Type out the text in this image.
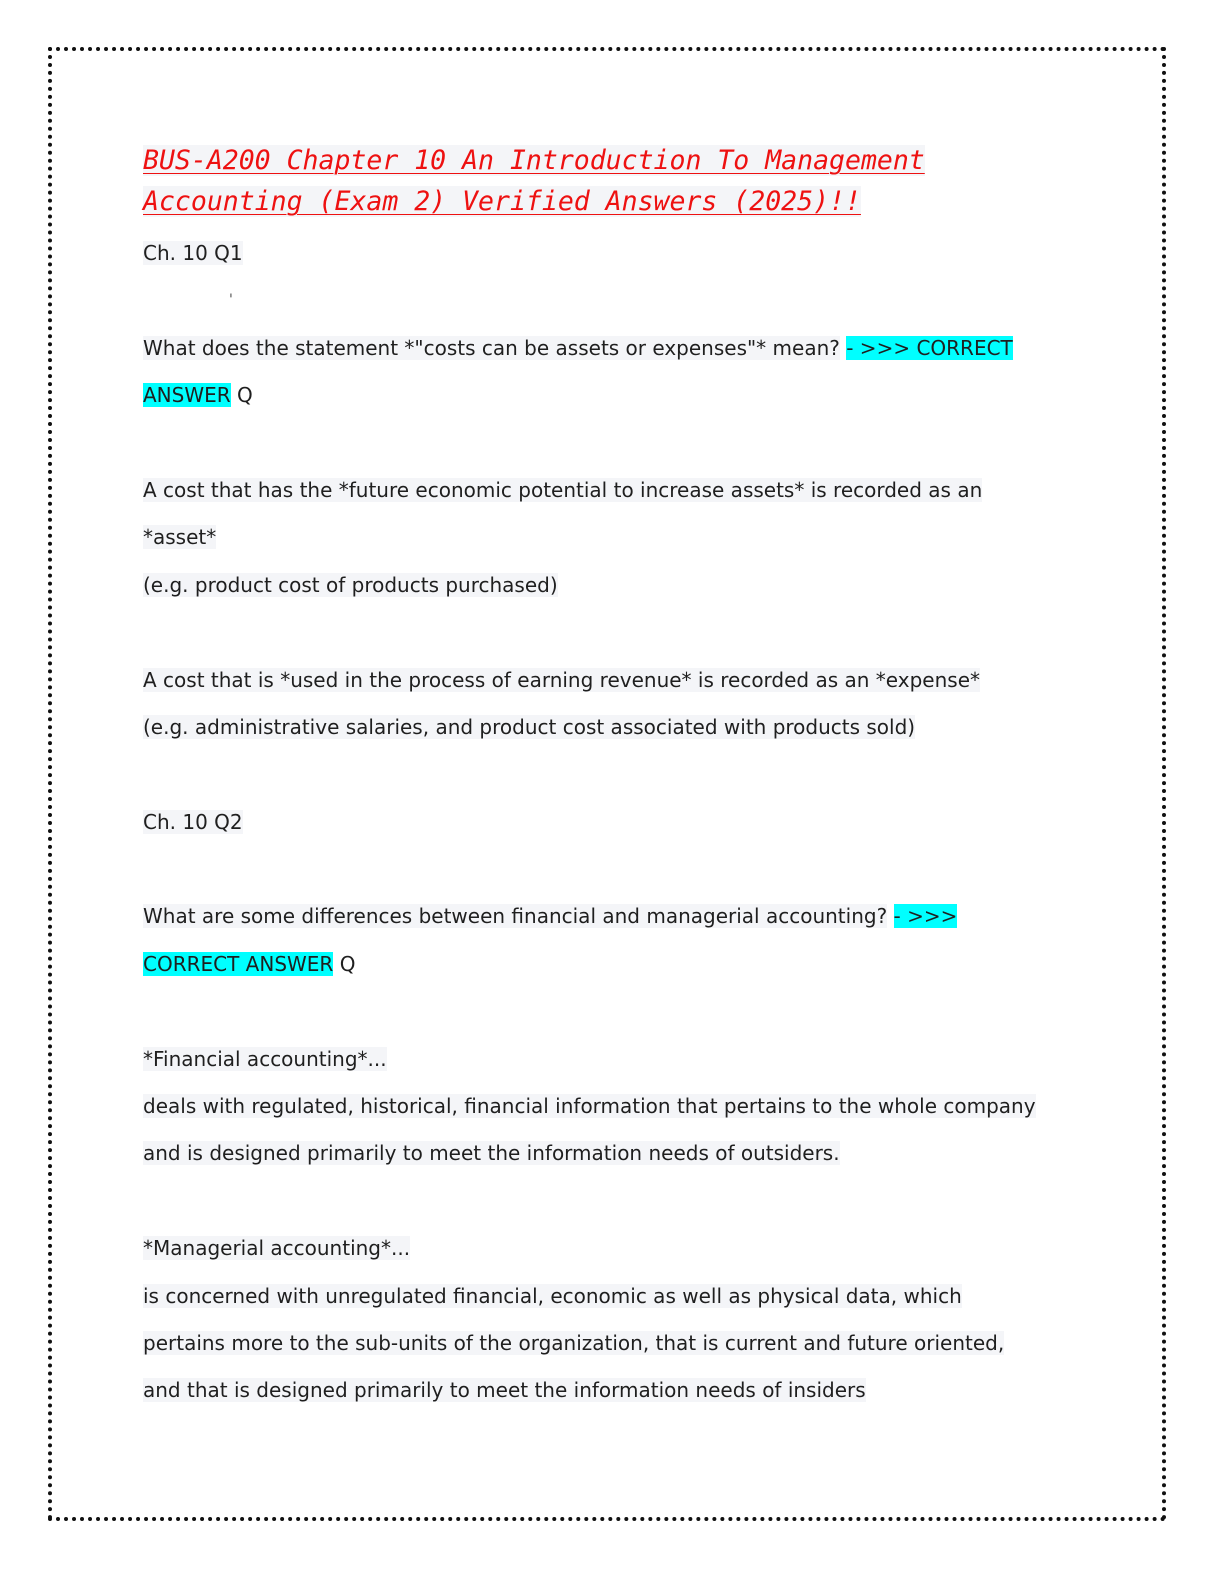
BUS-A200 Chapter 10 An Introduction To Management
Accounting (Exam 2) Verified Answers (2025)!!
Ch. 10 Q1
'
What does the statement *"costs can be assets or expenses"* mean? - >>> CORRECT
ANSWER Q
A cost that has the *future economic potential to increase assets* is recorded as an
*asset*
(e.g. product cost of products purchased)
A cost that is *used in the process of earning revenue* is recorded as an *expense*
(e.g. administrative salaries, and product cost associated with products sold)
Ch. 10 Q2
What are some differences between financial and managerial accounting? - >>>
CORRECT ANSWER Q
*Financial accounting*...
deals with regulated, historical, financial information that pertains to the whole company
and is designed primarily to meet the information needs of outsiders.
*Managerial accounting*...
is concerned with unregulated financial, economic as well as physical data, which
pertains more to the sub-units of the organization, that is current and future oriented,
and that is designed primarily to meet the information needs of insiders
